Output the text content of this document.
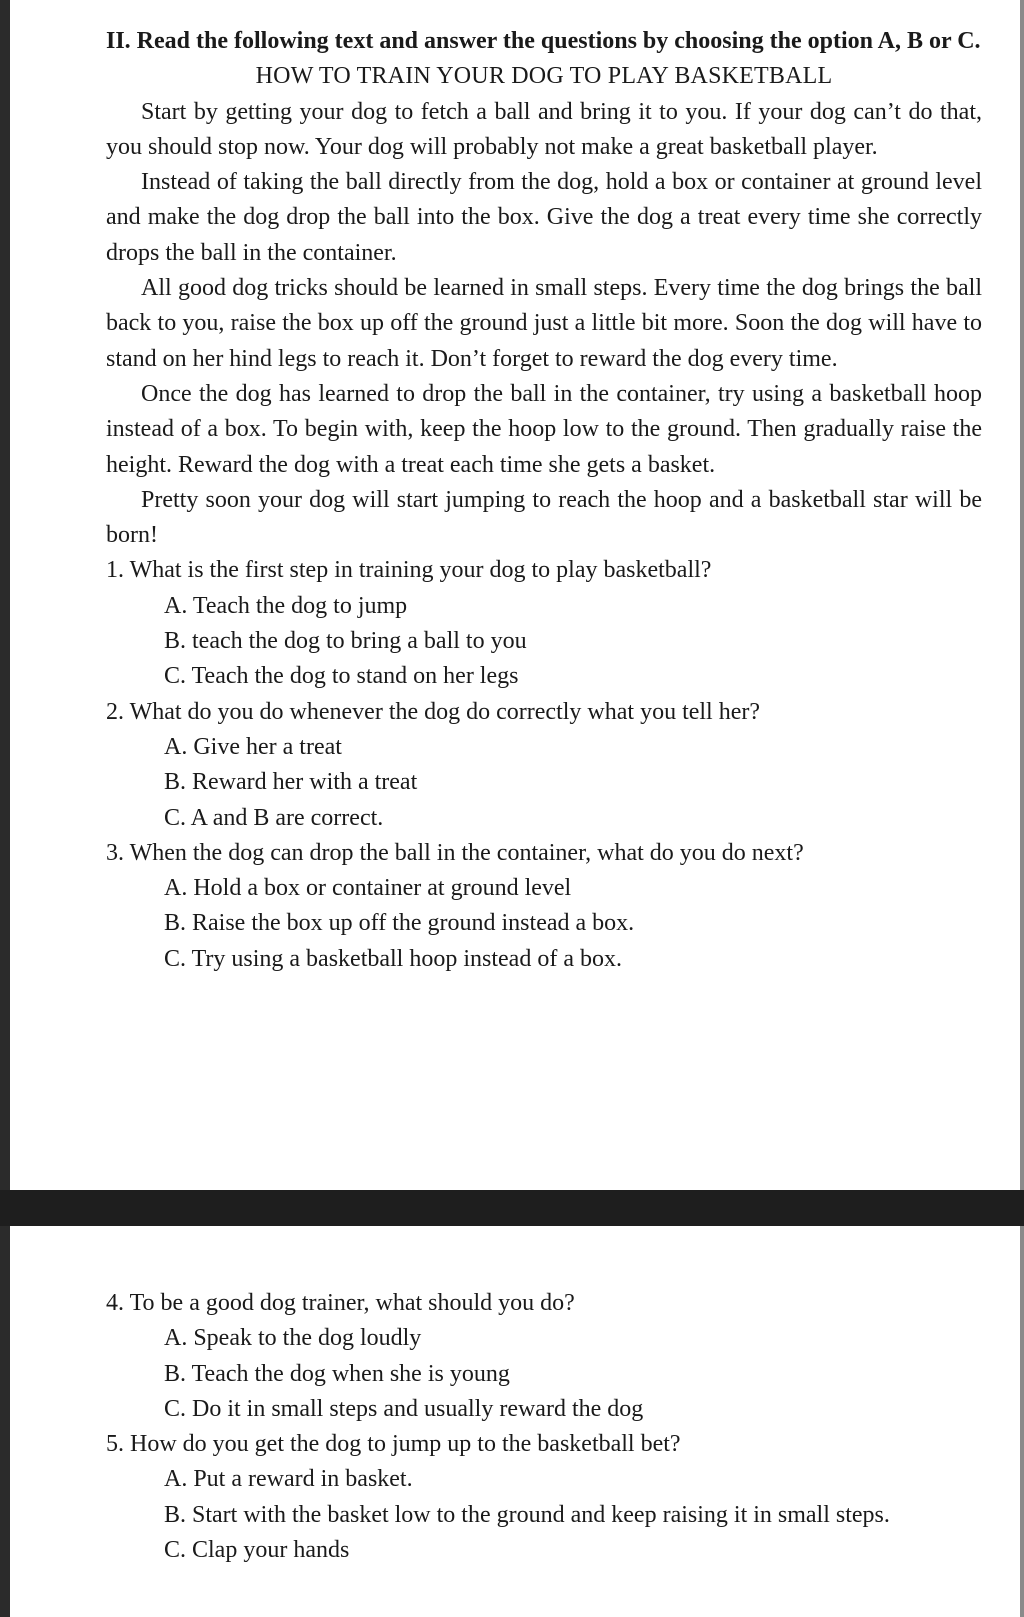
II. Read the following text and answer the questions by choosing the option A, B or C.
HOW TO TRAIN YOUR DOG TO PLAY BASKETBALL
Start by getting your dog to fetch a ball and bring it to you. If your dog can’t do that, you should stop now. Your dog will probably not make a great basketball player.
Instead of taking the ball directly from the dog, hold a box or container at ground level and make the dog drop the ball into the box. Give the dog a treat every time she correctly drops the ball in the container.
All good dog tricks should be learned in small steps. Every time the dog brings the ball back to you, raise the box up off the ground just a little bit more. Soon the dog will have to stand on her hind legs to reach it. Don’t forget to reward the dog every time.
Once the dog has learned to drop the ball in the container, try using a basketball hoop instead of a box. To begin with, keep the hoop low to the ground. Then gradually raise the height. Reward the dog with a treat each time she gets a basket.
Pretty soon your dog will start jumping to reach the hoop and a basketball star will be born!
1. What is the first step in training your dog to play basketball?
A. Teach the dog to jump
B. teach the dog to bring a ball to you
C. Teach the dog to stand on her legs
2. What do you do whenever the dog do correctly what you tell her?
A. Give her a treat
B. Reward her with a treat
C. A and B are correct.
3. When the dog can drop the ball in the container, what do you do next?
A. Hold a box or container at ground level
B. Raise the box up off the ground instead a box.
C. Try using a basketball hoop instead of a box.
4. To be a good dog trainer, what should you do?
A. Speak to the dog loudly
B. Teach the dog when she is young
C. Do it in small steps and usually reward the dog
5. How do you get the dog to jump up to the basketball bet?
A. Put a reward in basket.
B. Start with the basket low to the ground and keep raising it in small steps.
C. Clap your hands
